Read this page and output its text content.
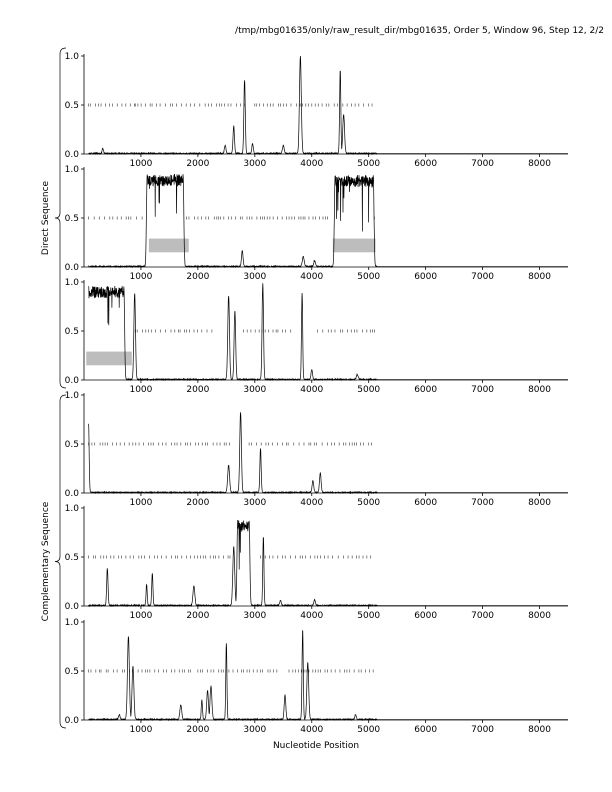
/tmp/mbg01635/only/raw_result_dir/mbg01635, Order 5, Window 96, Step 12, 2/2
0.0
0.5
1.0
1000	2000	3000	4000	5000	6000	7000	8000
0.0
0.5
1.0
1000	2000	3000	4000	5000	6000	7000	8000
0.0
0.5
1.0
1000	2000	3000	4000	5000	6000	7000	8000
0.0
0.5
1.0
1000	2000	3000	4000	5000	6000	7000	8000
0.0
0.5
1.0
1000	2000	3000	4000	5000	6000	7000	8000
0.0
0.5
1.0
1000	2000	3000	4000	5000	6000	7000	8000
Direct Sequence
Complementary Sequence
Nucleotide Position
